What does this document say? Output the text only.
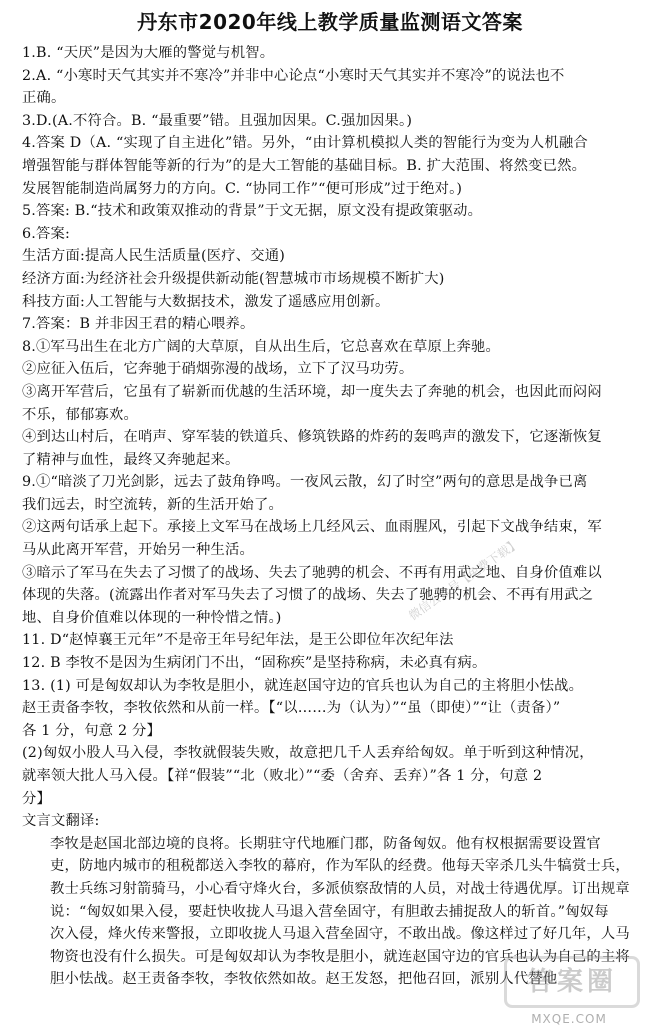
丹东市2020年线上教学质量监测语文答案
1.B. “天厌”是因为大雁的警觉与机智。
2.A. “小寒时天气其实并不寒冷”并非中心论点“小寒时天气其实并不寒冷”的说法也不
正确。
3.D.(A.不符合。B. “最重要”错。且强加因果。C.强加因果。)
4.答案 D（A. “实现了自主进化”错。另外，“由计算机模拟人类的智能行为变为人机融合
增强智能与群体智能等新的行为”的是大工智能的基础目标。B. 扩大范围、将然变已然。
发展智能制造尚属努力的方向。C. “协同工作”“便可形成”过于绝对。)
5.答案: B.“技术和政策双推动的背景”于文无据，原文没有提政策驱动。
6.答案:
生活方面:提高人民生活质量(医疗、交通)
经济方面:为经济社会升级提供新动能(智慧城市市场规模不断扩大)
科技方面:人工智能与大数据技术，激发了遥感应用创新。
7.答案：B 并非因王君的精心喂养。
8.①军马出生在北方广阔的大草原，自从出生后，它总喜欢在草原上奔驰。
②应征入伍后，它奔驰于硝烟弥漫的战场，立下了汉马功劳。
③离开军营后，它虽有了崭新而优越的生活环境，却一度失去了奔驰的机会，也因此而闷闷
不乐，郁郁寡欢。
④到达山村后，在哨声、穿军装的铁道兵、修筑铁路的炸药的轰鸣声的激发下，它逐渐恢复
了精神与血性，最终又奔驰起来。
9.①“暗淡了刀光剑影，远去了鼓角铮鸣。一夜风云散，幻了时空”两句的意思是战争已离
我们远去，时空流转，新的生活开始了。
②这两句话承上起下。承接上文军马在战场上几经风云、血雨腥风，引起下文战争结束，军
马从此离开军营，开始另一种生活。
③暗示了军马在失去了习惯了的战场、失去了驰骋的机会、不再有用武之地、自身价值难以
体现的失落。(流露出作者对军马失去了习惯了的战场、失去了驰骋的机会、不再有用武之
地、自身价值难以体现的一种怜惜之情。)
11. D“赵悼襄王元年”不是帝王年号纪年法，是王公即位年次纪年法
12. B 李牧不是因为生病闭门不出，“固称疾”是坚持称病，未必真有病。
13. (1) 可是匈奴却认为李牧是胆小，就连赵国守边的官兵也认为自己的主将胆小怯战。
赵王责备李牧，李牧依然和从前一样。【“以……为（认为）”“虽（即使）”“让（责备）”
各 1 分，句意 2 分】
(2)匈奴小股人马入侵，李牧就假装失败，故意把几千人丢弃给匈奴。单于听到这种情况，
就率领大批人马入侵。【祥“假装”“北（败北）”“委（舍弃、丢弃）”各 1 分，句意 2
分】
文言文翻译:
李牧是赵国北部边境的良将。长期驻守代地雁门郡，防备匈奴。他有权根据需要设置官
吏，防地内城市的租税都送入李牧的幕府，作为军队的经费。他每天宰杀几头牛犒赏士兵，
教士兵练习射箭骑马，小心看守烽火台，多派侦察敌情的人员，对战士待遇优厚。订出规章
说：“匈奴如果入侵，要赶快收拢人马退入营垒固守，有胆敢去捕捉敌人的斩首。”匈奴每
次入侵，烽火传来警报，立即收拢人马退入营垒固守，不敢出战。像这样过了好几年，人马
物资也没有什么损失。可是匈奴却认为李牧是胆小，就连赵国守边的官兵也认为自己的主将
胆小怯战。赵王责备李牧，李牧依然如故。赵王发怒，把他召回，派别人代替他
微信公众号【免费下载】
答案圈
MXQE.COM
